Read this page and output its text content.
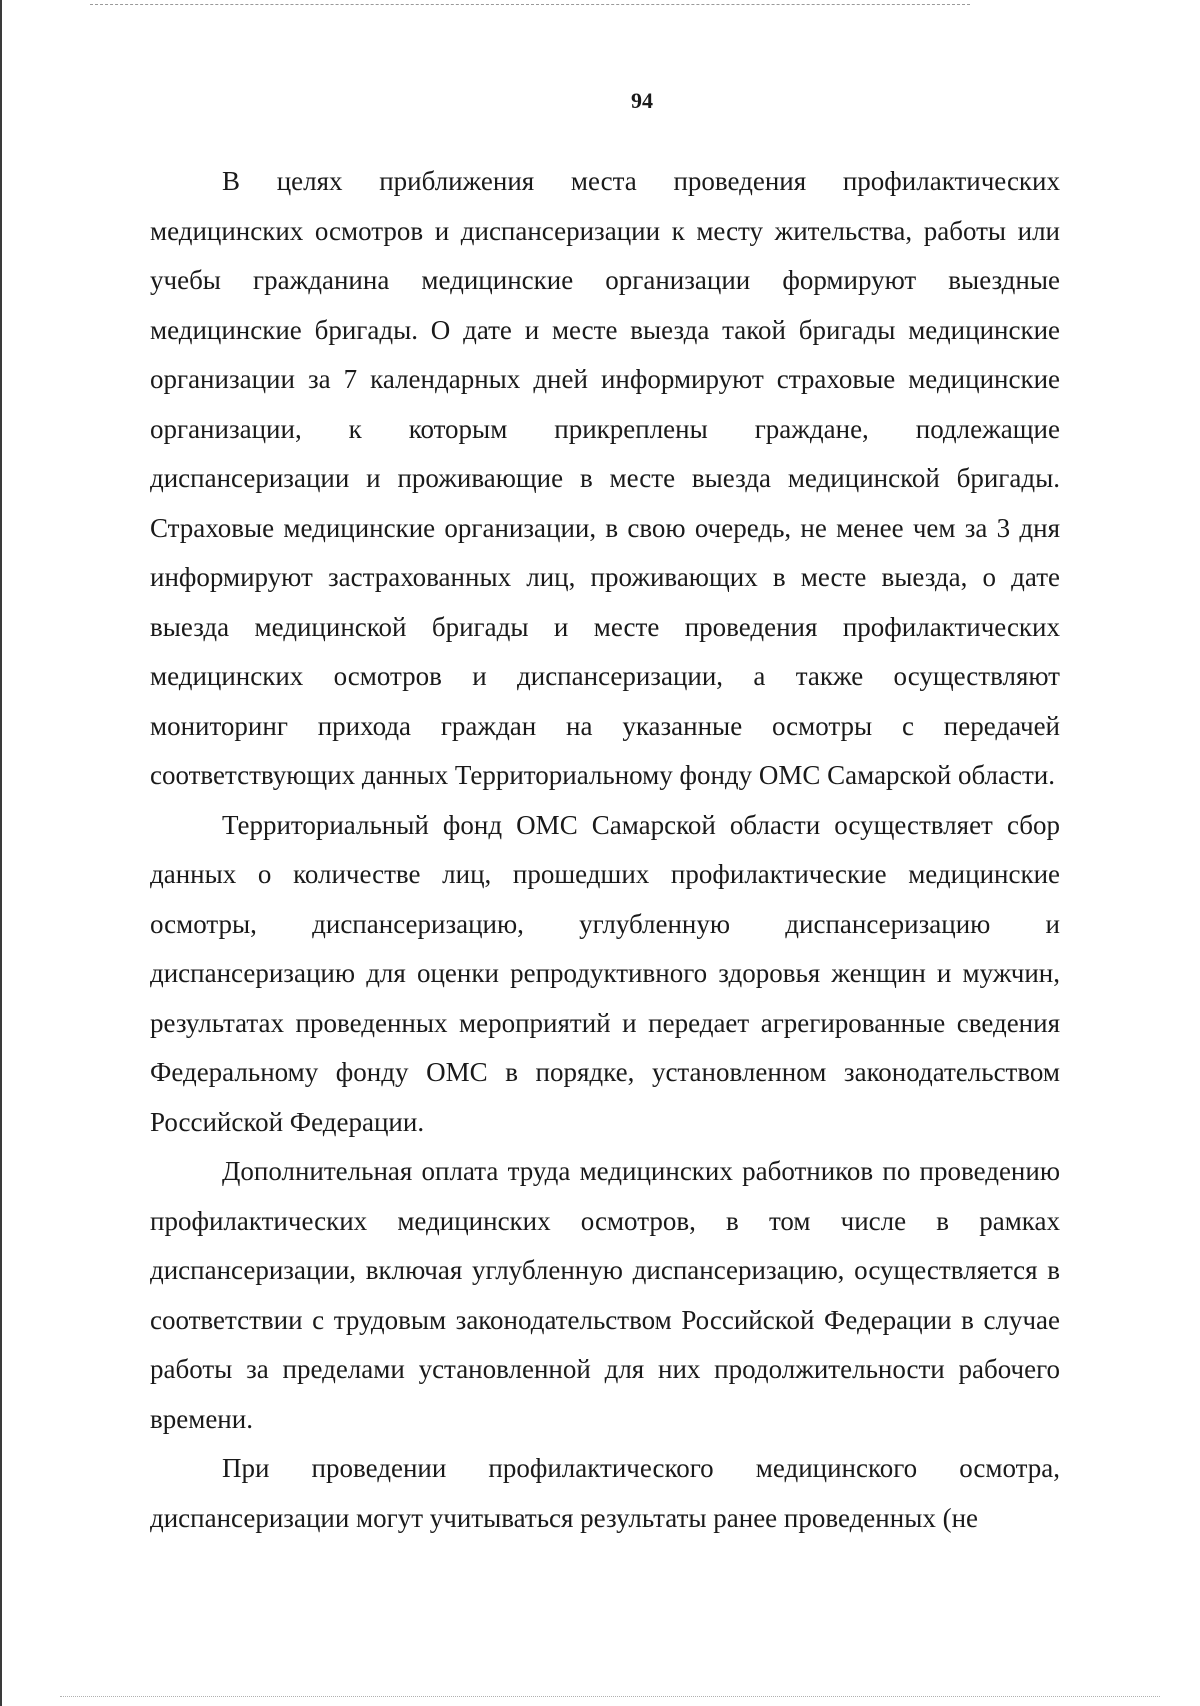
94

В целях приближения места проведения профилактических медицинских осмотров и диспансеризации к месту жительства, работы или учебы гражданина медицинские организации формируют выездные медицинские бригады. О дате и месте выезда такой бригады медицинские организации за 7 календарных дней информируют страховые медицинские организации, к которым прикреплены граждане, подлежащие диспансеризации и проживающие в месте выезда медицинской бригады. Страховые медицинские организации, в свою очередь, не менее чем за 3 дня информируют застрахованных лиц, проживающих в месте выезда, о дате выезда медицинской бригады и месте проведения профилактических медицинских осмотров и диспансеризации, а также осуществляют мониторинг прихода граждан на указанные осмотры с передачей соответствующих данных Территориальному фонду ОМС Самарской области.

Территориальный фонд ОМС Самарской области осуществляет сбор данных о количестве лиц, прошедших профилактические медицинские осмотры, диспансеризацию, углубленную диспансеризацию и диспансеризацию для оценки репродуктивного здоровья женщин и мужчин, результатах проведенных мероприятий и передает агрегированные сведения Федеральному фонду ОМС в порядке, установленном законодательством Российской Федерации.

Дополнительная оплата труда медицинских работников по проведению профилактических медицинских осмотров, в том числе в рамках диспансеризации, включая углубленную диспансеризацию, осуществляется в соответствии с трудовым законодательством Российской Федерации в случае работы за пределами установленной для них продолжительности рабочего времени.

При проведении профилактического медицинского осмотра, диспансеризации могут учитываться результаты ранее проведенных (не
